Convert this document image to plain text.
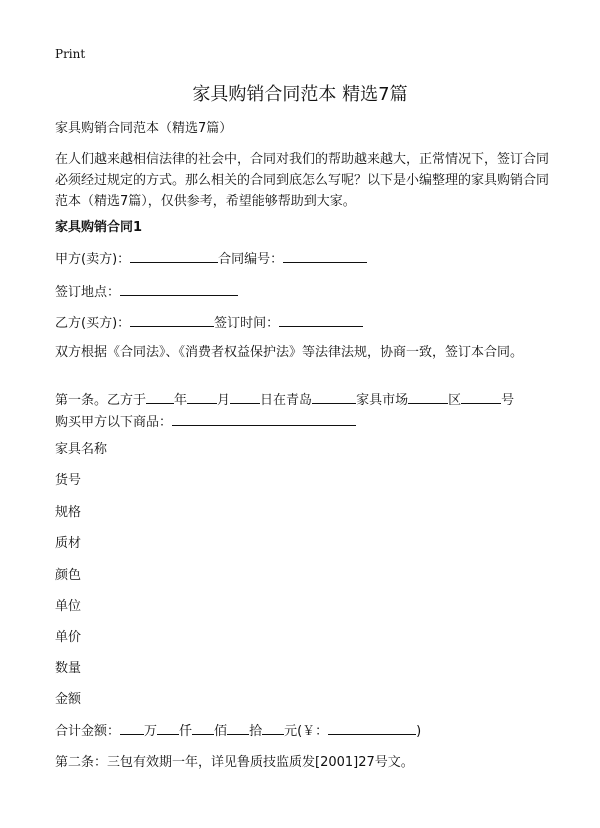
Print
家具购销合同范本 精选7篇

家具购销合同范本（精选7篇）

在人们越来越相信法律的社会中，合同对我们的帮助越来越大，正常情况下，签订合同必须经过规定的方式。那么相关的合同到底怎么写呢？以下是小编整理的家具购销合同范本（精选7篇），仅供参考，希望能够帮助到大家。

家具购销合同1

甲方(卖方)：	合同编号：

签订地点：

乙方(买方)：	签订时间：

双方根据《合同法》、《消费者权益保护法》等法律法规，协商一致，签订本合同。

第一条。乙方于 年 月 日在青岛	家具市场	区	号
购买甲方以下商品：

家具名称

货号

规格

质材

颜色

单位

单价

数量

金额

合计金额： 万 仟 佰 拾 元(￥：	)

第二条：三包有效期一年，详见鲁质技监质发[2001]27号文。
